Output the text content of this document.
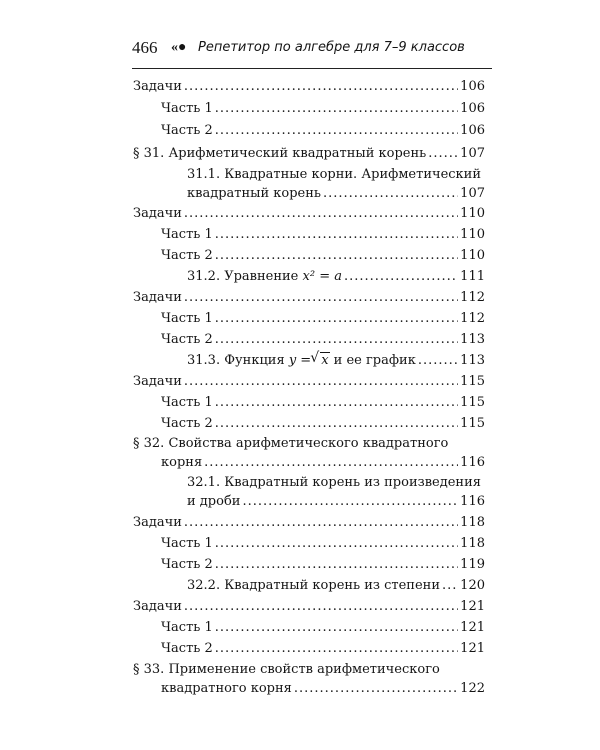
466 «● Репетитор по алгебре для 7–9 классов
Задачи .....	106
Часть 1 .....	106
Часть 2 .....	106
§ 31. Арифметический квадратный корень .....	107
31.1. Квадратные корни. Арифметический
квадратный корень .....	107
Задачи .....	110
Часть 1 .....	110
Часть 2 .....	110
31.2. Уравнение x² = a .....	111
Задачи .....	112
Часть 1 .....	112
Часть 2 .....	113
31.3. Функция y = √ x и ее график .....	113
Задачи .....	115
Часть 1 .....	115
Часть 2 .....	115
§ 32. Свойства арифметического квадратного
корня .....	116
32.1. Квадратный корень из произведения
и дроби .....	116
Задачи .....	118
Часть 1 .....	118
Часть 2 .....	119
32.2. Квадратный корень из степени ..... 120
Задачи .....	121
Часть 1 .....	121
Часть 2 .....	121
§ 33. Применение свойств арифметического
квадратного корня .....	122
